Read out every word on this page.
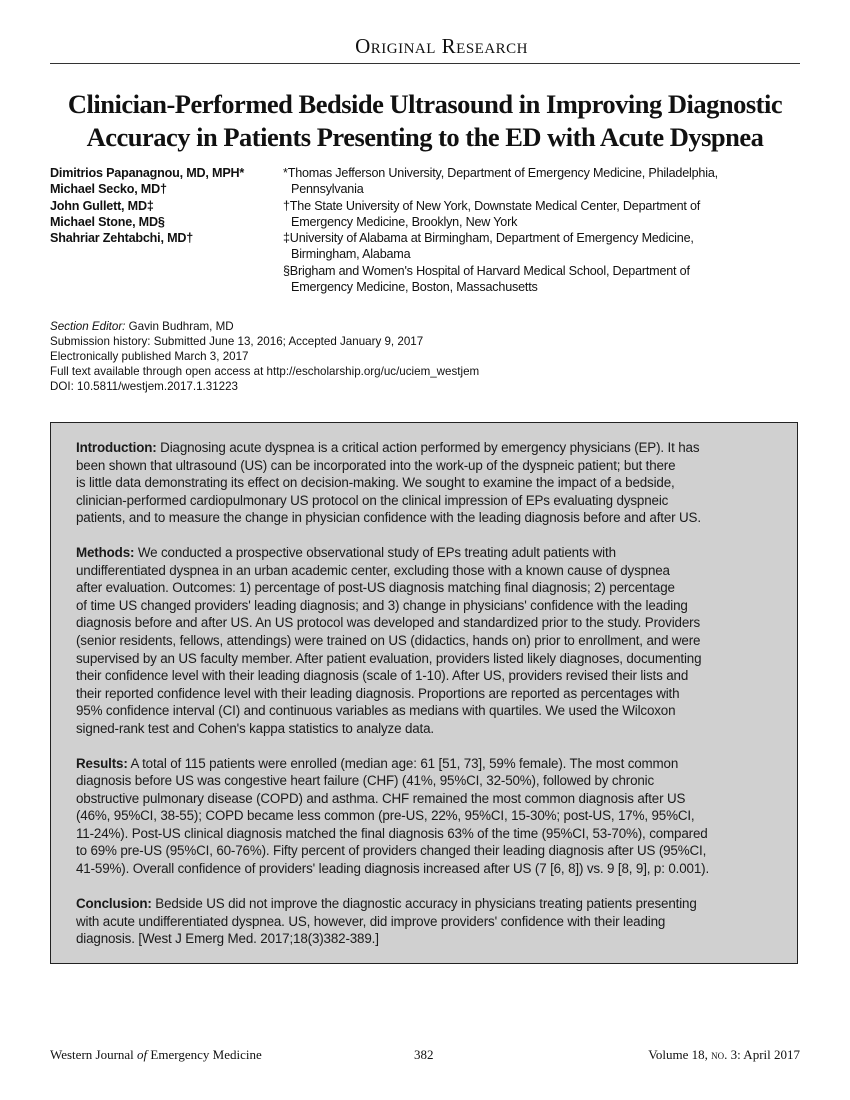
Original Research
Clinician-Performed Bedside Ultrasound in Improving Diagnostic
Accuracy in Patients Presenting to the ED with Acute Dyspnea
Dimitrios Papanagnou, MD, MPH*
Michael Secko, MD†
John Gullett, MD‡
Michael Stone, MD§
Shahriar Zehtabchi, MD†
*Thomas Jefferson University, Department of Emergency Medicine, Philadelphia,
Pennsylvania
†The State University of New York, Downstate Medical Center, Department of
Emergency Medicine, Brooklyn, New York
‡University of Alabama at Birmingham, Department of Emergency Medicine,
Birmingham, Alabama
§Brigham and Women's Hospital of Harvard Medical School, Department of
Emergency Medicine, Boston, Massachusetts
Section Editor: Gavin Budhram, MD
Submission history: Submitted June 13, 2016; Accepted January 9, 2017
Electronically published March 3, 2017
Full text available through open access at http://escholarship.org/uc/uciem_westjem
DOI: 10.5811/westjem.2017.1.31223
Introduction: Diagnosing acute dyspnea is a critical action performed by emergency physicians (EP). It has
been shown that ultrasound (US) can be incorporated into the work-up of the dyspneic patient; but there
is little data demonstrating its effect on decision-making. We sought to examine the impact of a bedside,
clinician-performed cardiopulmonary US protocol on the clinical impression of EPs evaluating dyspneic
patients, and to measure the change in physician confidence with the leading diagnosis before and after US.
Methods: We conducted a prospective observational study of EPs treating adult patients with
undifferentiated dyspnea in an urban academic center, excluding those with a known cause of dyspnea
after evaluation. Outcomes: 1) percentage of post-US diagnosis matching final diagnosis; 2) percentage
of time US changed providers' leading diagnosis; and 3) change in physicians' confidence with the leading
diagnosis before and after US. An US protocol was developed and standardized prior to the study. Providers
(senior residents, fellows, attendings) were trained on US (didactics, hands on) prior to enrollment, and were
supervised by an US faculty member. After patient evaluation, providers listed likely diagnoses, documenting
their confidence level with their leading diagnosis (scale of 1-10). After US, providers revised their lists and
their reported confidence level with their leading diagnosis. Proportions are reported as percentages with
95% confidence interval (CI) and continuous variables as medians with quartiles. We used the Wilcoxon
signed-rank test and Cohen's kappa statistics to analyze data.
Results: A total of 115 patients were enrolled (median age: 61 [51, 73], 59% female). The most common
diagnosis before US was congestive heart failure (CHF) (41%, 95%CI, 32-50%), followed by chronic
obstructive pulmonary disease (COPD) and asthma. CHF remained the most common diagnosis after US
(46%, 95%CI, 38-55); COPD became less common (pre-US, 22%, 95%CI, 15-30%; post-US, 17%, 95%CI,
11-24%). Post-US clinical diagnosis matched the final diagnosis 63% of the time (95%CI, 53-70%), compared
to 69% pre-US (95%CI, 60-76%). Fifty percent of providers changed their leading diagnosis after US (95%CI,
41-59%). Overall confidence of providers' leading diagnosis increased after US (7 [6, 8]) vs. 9 [8, 9], p: 0.001).
Conclusion: Bedside US did not improve the diagnostic accuracy in physicians treating patients presenting
with acute undifferentiated dyspnea. US, however, did improve providers' confidence with their leading
diagnosis. [West J Emerg Med. 2017;18(3)382-389.]
Western Journal of Emergency Medicine	382	Volume 18, no. 3: April 2017
